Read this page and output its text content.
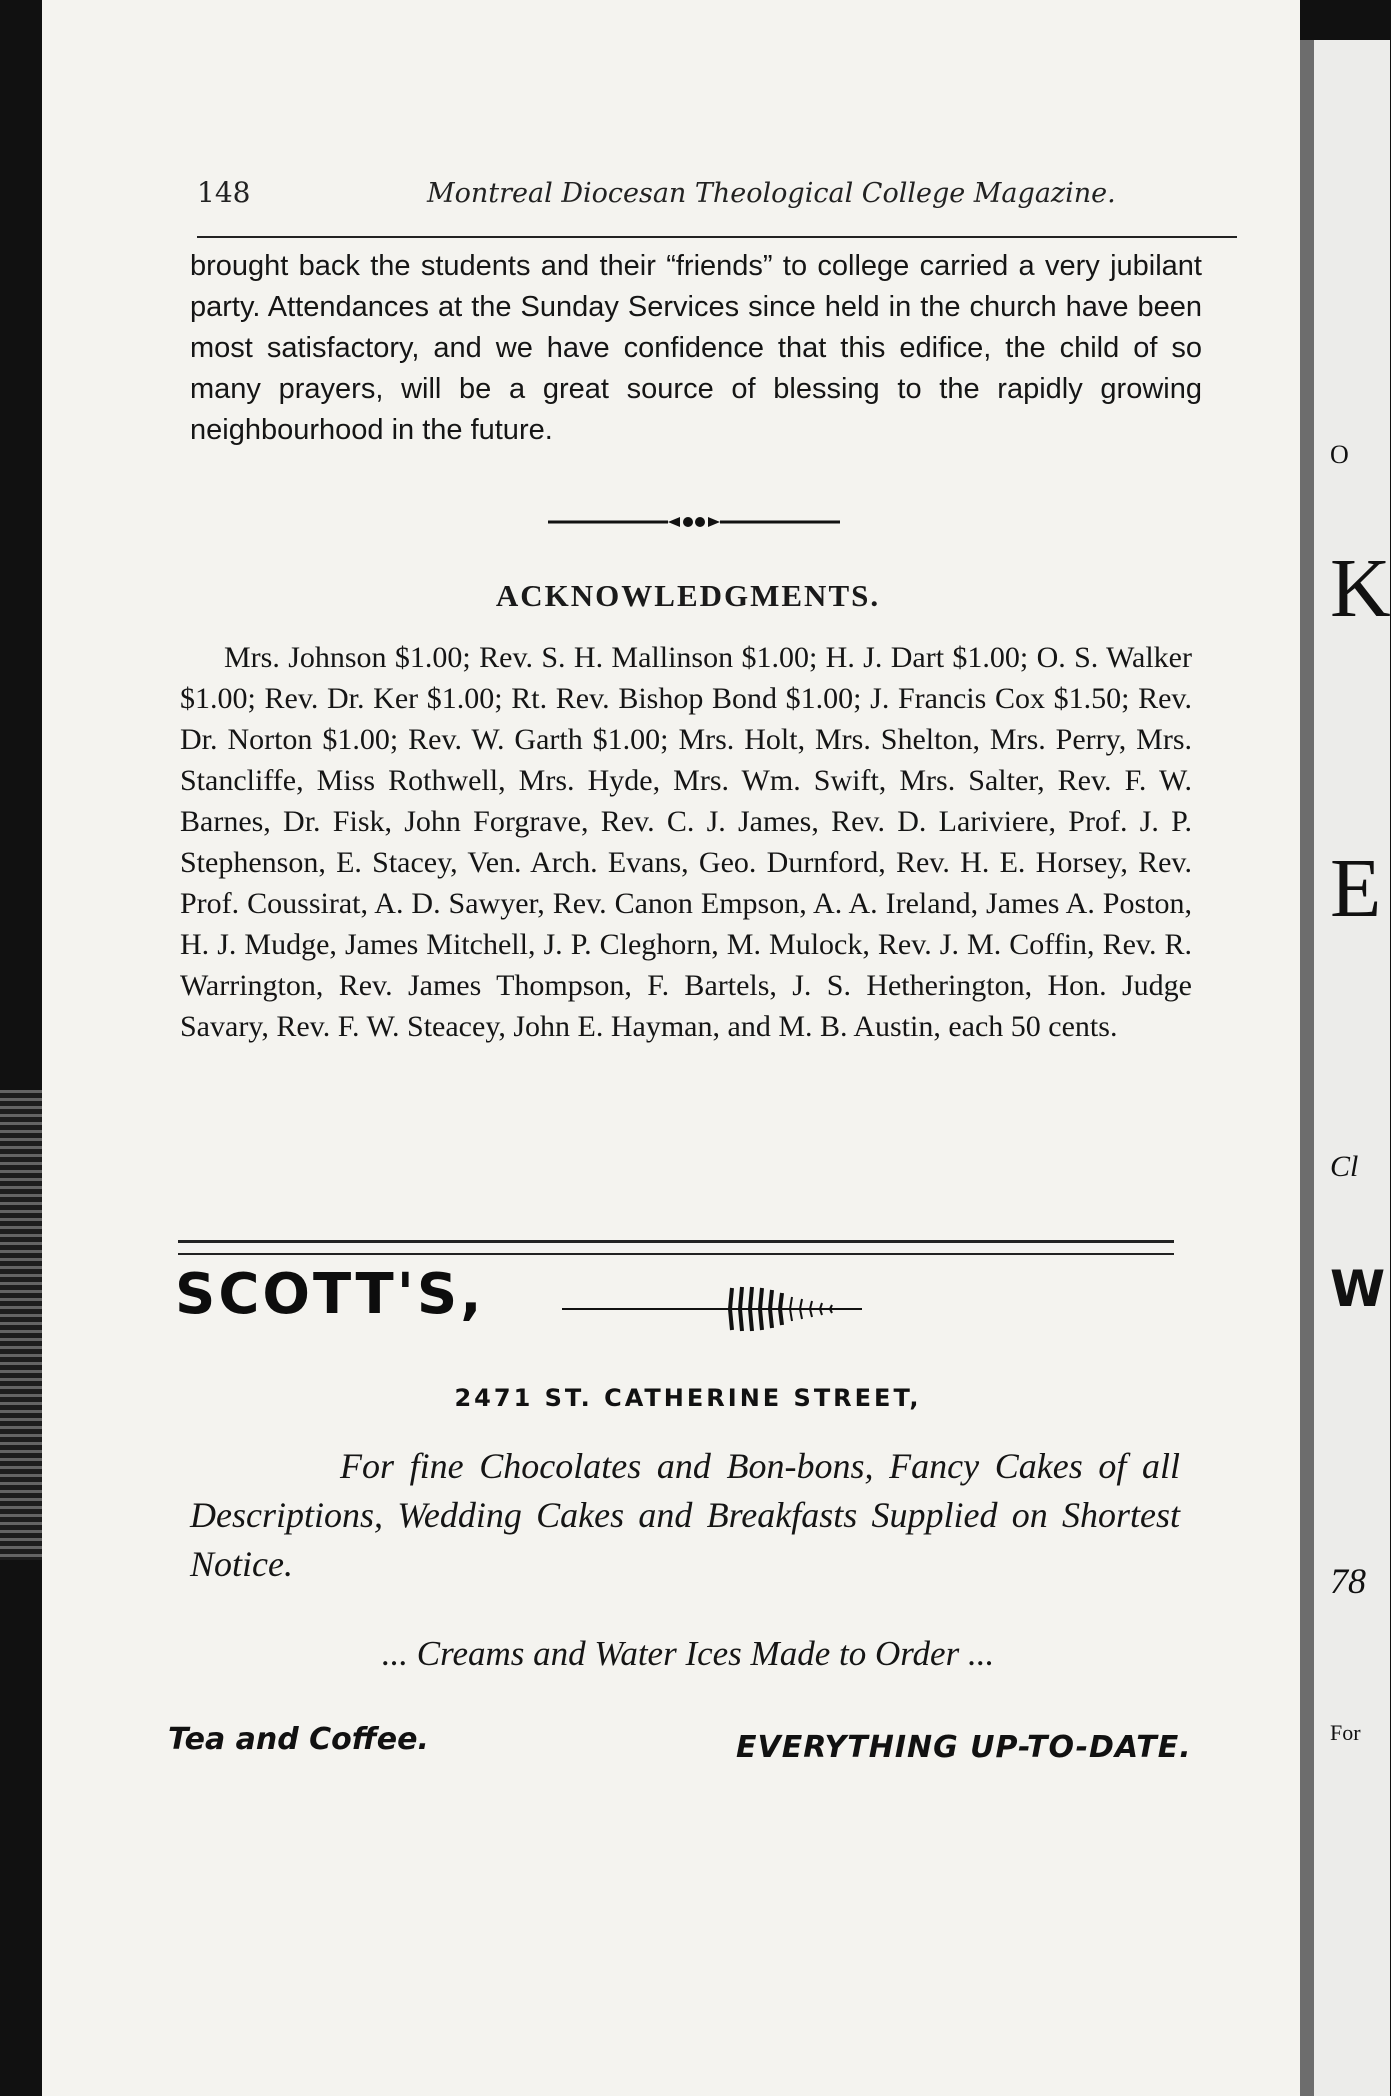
148	Montreal Diocesan Theological College Magazine.

brought back the students and their “friends” to college carried a very jubilant party. Attendances at the Sunday Services since held in the church have been most satisfactory, and we have confidence that this edifice, the child of so many prayers, will be a great source of blessing to the rapidly growing neighbourhood in the future.

ACKNOWLEDGMENTS.

Mrs. Johnson $1.00; Rev. S. H. Mallinson $1.00; H. J. Dart $1.00; O. S. Walker $1.00; Rev. Dr. Ker $1.00; Rt. Rev. Bishop Bond $1.00; J. Francis Cox $1.50; Rev. Dr. Norton $1.00; Rev. W. Garth $1.00; Mrs. Holt, Mrs. Shelton, Mrs. Perry, Mrs. Stancliffe, Miss Rothwell, Mrs. Hyde, Mrs. Wm. Swift, Mrs. Salter, Rev. F. W. Barnes, Dr. Fisk, John Forgrave, Rev. C. J. James, Rev. D. Lariviere, Prof. J. P. Stephenson, E. Stacey, Ven. Arch. Evans, Geo. Durnford, Rev. H. E. Horsey, Rev. Prof. Coussirat, A. D. Sawyer, Rev. Canon Empson, A. A. Ireland, James A. Poston, H. J. Mudge, James Mitchell, J. P. Cleghorn, M. Mulock, Rev. J. M. Coffin, Rev. R. Warrington, Rev. James Thompson, F. Bartels, J. S. Hetherington, Hon. Judge Savary, Rev. F. W. Steacey, John E. Hayman, and M. B. Austin, each 50 cents.

SCOTT'S,
2471 ST. CATHERINE STREET,

For fine Chocolates and Bon-bons, Fancy Cakes of all Descriptions, Wedding Cakes and Breakfasts Supplied on Shortest Notice.

... Creams and Water Ices Made to Order ...
Tea and Coffee.	EVERYTHING UP-TO-DATE.
O
K
E
Cl
W
78
For
